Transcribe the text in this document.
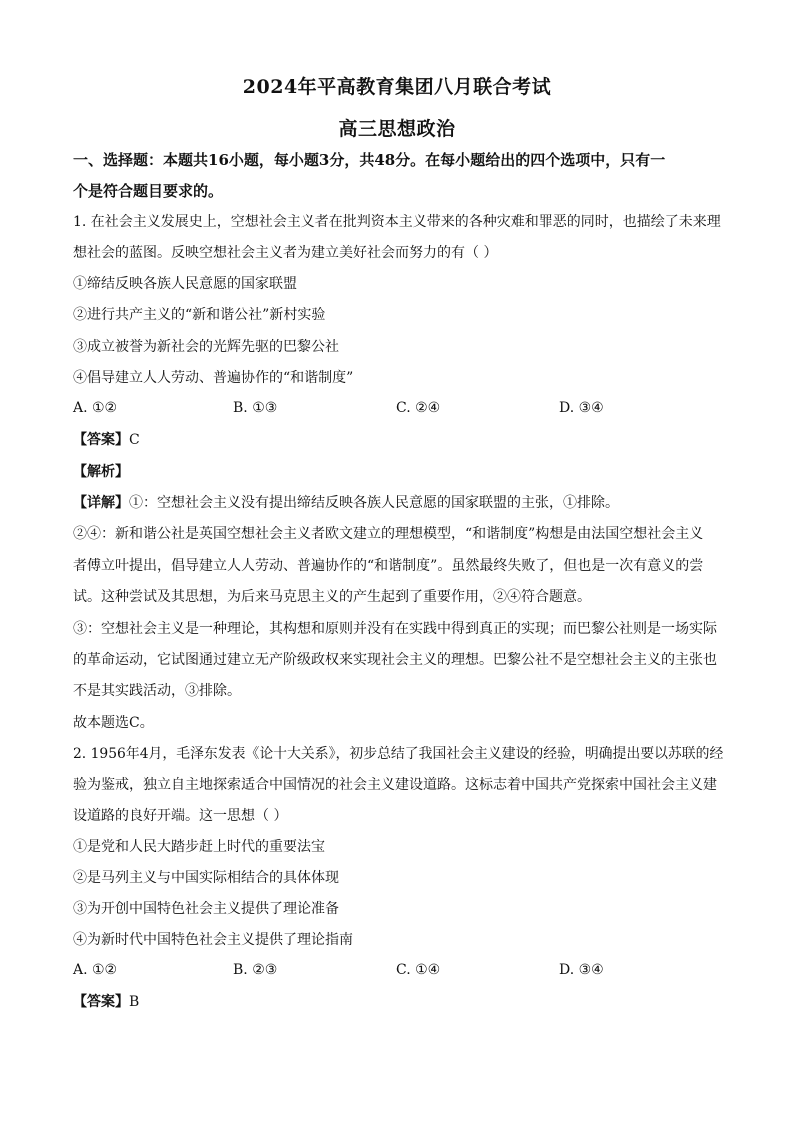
2024年平高教育集团八月联合考试
高三思想政治
一、选择题：本题共16小题，每小题3分，共48分。在每小题给出的四个选项中，只有一
个是符合题目要求的。
1. 在社会主义发展史上，空想社会主义者在批判资本主义带来的各种灾难和罪恶的同时，也描绘了未来理
想社会的蓝图。反映空想社会主义者为建立美好社会而努力的有（ ）
①缔结反映各族人民意愿的国家联盟
②进行共产主义的“新和谐公社”新村实验
③成立被誉为新社会的光辉先驱的巴黎公社
④倡导建立人人劳动、普遍协作的“和谐制度”
A. ①②	B. ①③	C. ②④	D. ③④
【答案】C
【解析】
【详解】①：空想社会主义没有提出缔结反映各族人民意愿的国家联盟的主张，①排除。
②④：新和谐公社是英国空想社会主义者欧文建立的理想模型，“和谐制度”构想是由法国空想社会主义
者傅立叶提出，倡导建立人人劳动、普遍协作的“和谐制度”。虽然最终失败了，但也是一次有意义的尝
试。这种尝试及其思想，为后来马克思主义的产生起到了重要作用，②④符合题意。
③：空想社会主义是一种理论，其构想和原则并没有在实践中得到真正的实现；而巴黎公社则是一场实际
的革命运动，它试图通过建立无产阶级政权来实现社会主义的理想。巴黎公社不是空想社会主义的主张也
不是其实践活动，③排除。
故本题选C。
2. 1956年4月，毛泽东发表《论十大关系》，初步总结了我国社会主义建设的经验，明确提出要以苏联的经
验为鉴戒，独立自主地探索适合中国情况的社会主义建设道路。这标志着中国共产党探索中国社会主义建
设道路的良好开端。这一思想（ ）
①是党和人民大踏步赶上时代的重要法宝
②是马列主义与中国实际相结合的具体体现
③为开创中国特色社会主义提供了理论准备
④为新时代中国特色社会主义提供了理论指南
A. ①②	B. ②③	C. ①④	D. ③④
【答案】B
